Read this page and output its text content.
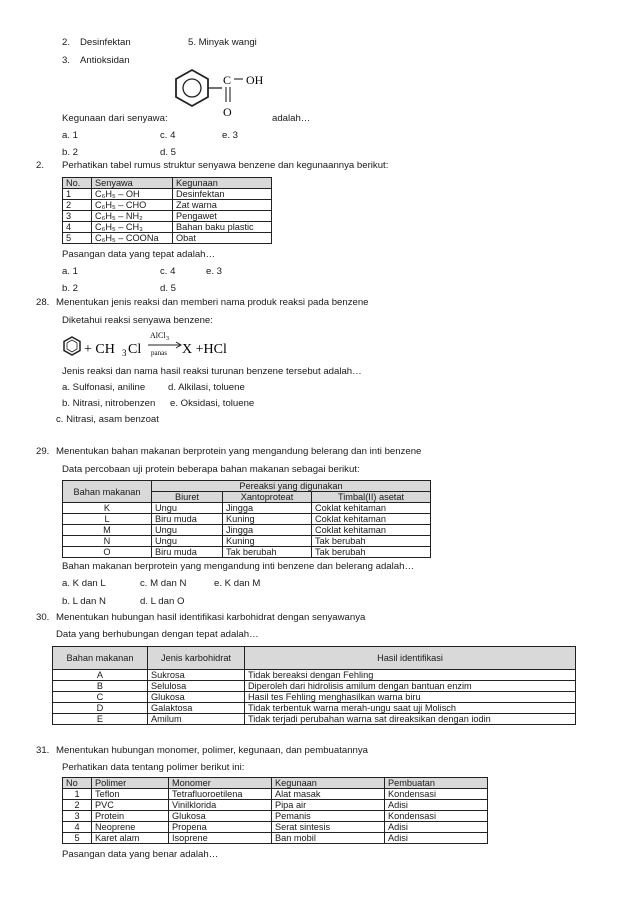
2. Desinfektan	5. Minyak wangi
3. Antioksidan
C OH
O
Kegunaan dari senyawa:	adalah…
a. 1	c. 4	e. 3
b. 2	d. 5
2. Perhatikan tabel rumus struktur senyawa benzene dan kegunaannya berikut:
No.	Senyawa	Kegunaan
1	C₆H₅ – OH	Desinfektan
2	C₆H₅ – CHO	Zat warna
3	C₆H₅ – NH₂	Pengawet
4	C₆H₅ – CH₃	Bahan baku plastic
5	C₆H₅ – COONa	Obat
Pasangan data yang tepat adalah…
a. 1	c. 4	e. 3
b. 2	d. 5
28. Menentukan jenis reaksi dan memberi nama produk reaksi pada benzene
Diketahui reaksi senyawa benzene:
+ CH 3 Cl
AlCl 3
panas X +HCl
Jenis reaksi dan nama hasil reaksi turunan benzene tersebut adalah…
a. Sulfonasi, aniline d. Alkilasi, toluene
b. Nitrasi, nitrobenzen e. Oksidasi, toluene
c. Nitrasi, asam benzoat
29. Menentukan bahan makanan berprotein yang mengandung belerang dan inti benzene
Data percobaan uji protein beberapa bahan makanan sebagai berikut:
Bahan makanan	Pereaksi yang digunakan		
	Biuret	Xantoproteat	Timbal(II) asetat
K	Ungu	Jingga	Coklat kehitaman
L	Biru muda	Kuning	Coklat kehitaman
M	Ungu	Jingga	Coklat kehitaman
N	Ungu	Kuning	Tak berubah
O	Biru muda	Tak berubah	Tak berubah
Bahan makanan berprotein yang mengandung inti benzene dan belerang adalah…
a. K dan L	c. M dan N	e. K dan M
b. L dan N	d. L dan O
30. Menentukan hubungan hasil identifikasi karbohidrat dengan senyawanya
Data yang berhubungan dengan tepat adalah…
Bahan makanan	Jenis karbohidrat	Hasil identifikasi
A	Sukrosa	Tidak bereaksi dengan Fehling
B	Selulosa	Diperoleh dari hidrolisis amilum dengan bantuan enzim
C	Glukosa	Hasil tes Fehling menghasilkan warna biru
D	Galaktosa	Tidak terbentuk warna merah-ungu saat uji Molisch
E	Amilum	Tidak terjadi perubahan warna sat direaksikan dengan iodin
31. Menentukan hubungan monomer, polimer, kegunaan, dan pembuatannya
Perhatikan data tentang polimer berikut ini:
No	Polimer	Monomer	Kegunaan	Pembuatan
1	Teflon	Tetrafluoroetilena	Alat masak	Kondensasi
2	PVC	Vinilklorida	Pipa air	Adisi
3	Protein	Glukosa	Pemanis	Kondensasi
4	Neoprene	Propena	Serat sintesis	Adisi
5	Karet alam	Isoprene	Ban mobil	Adisi
Pasangan data yang benar adalah…
